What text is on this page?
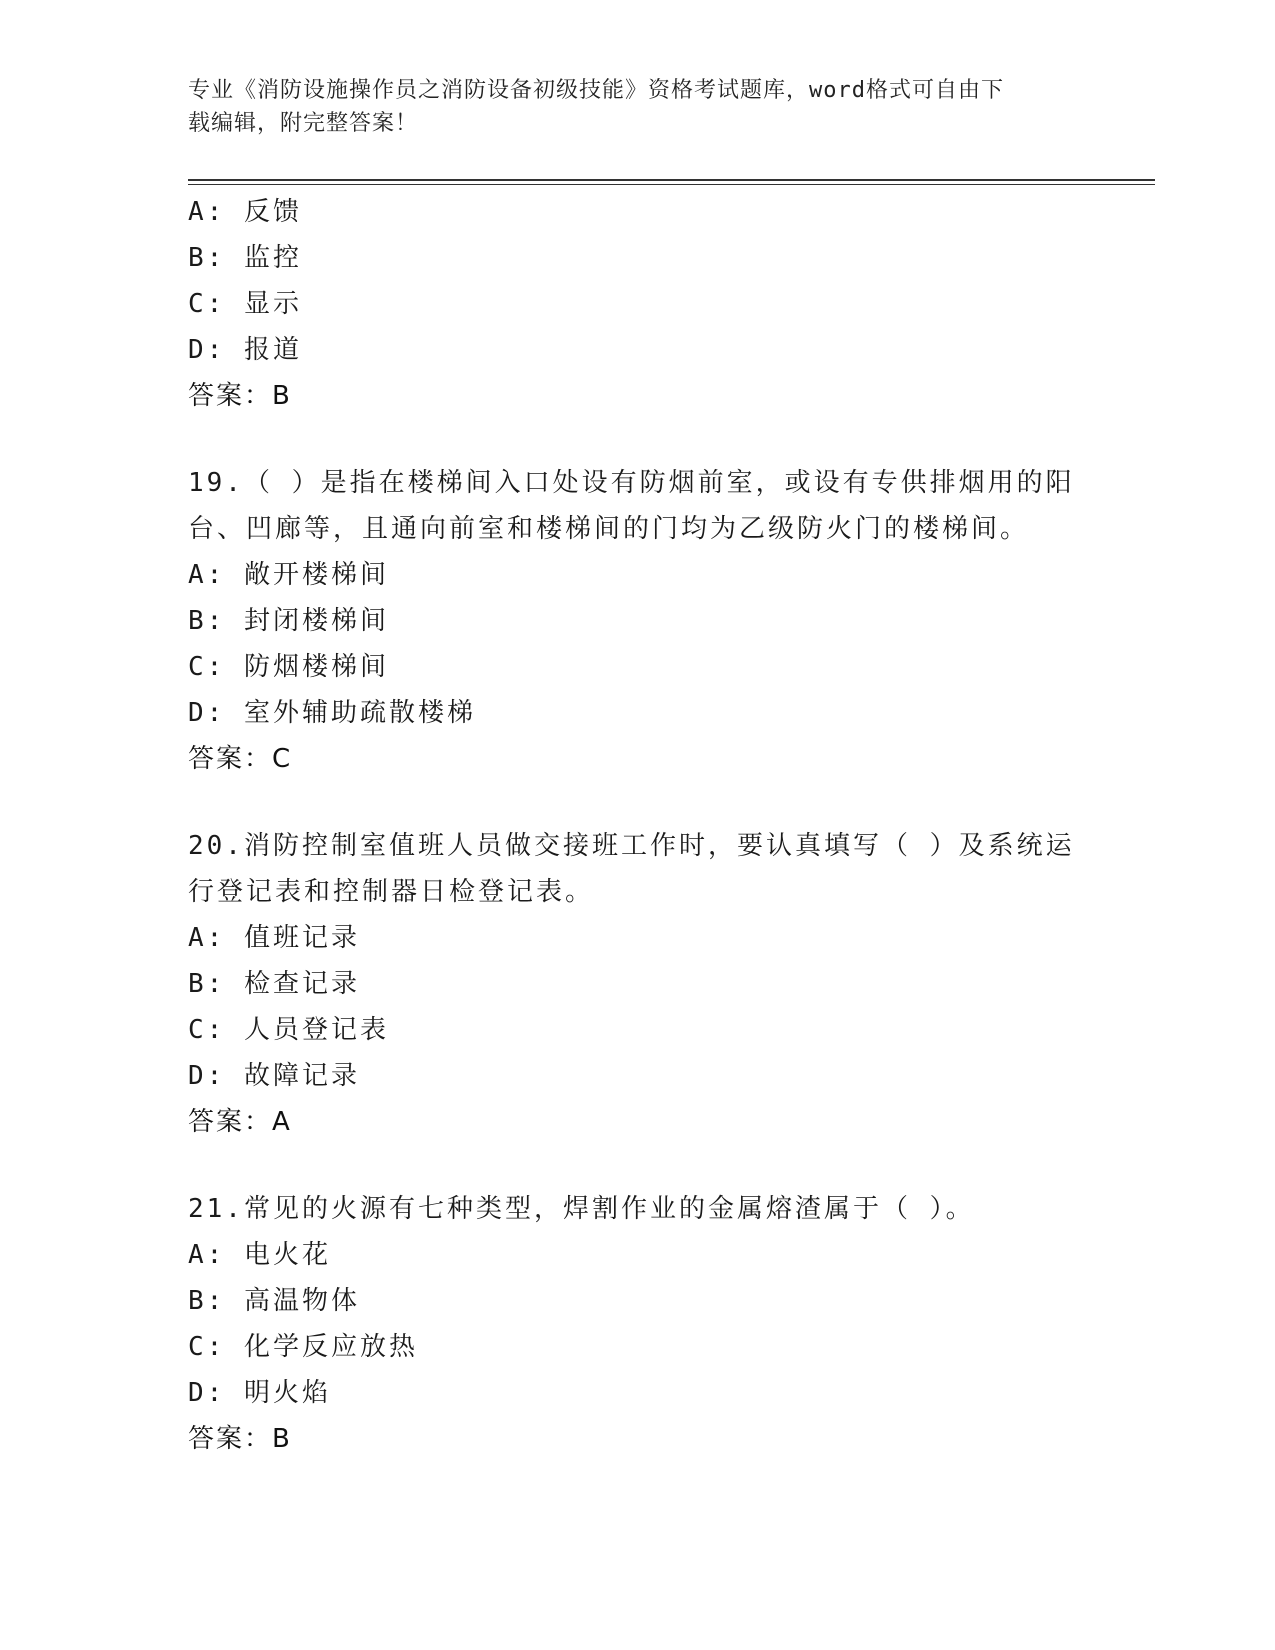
专业《消防设施操作员之消防设备初级技能》资格考试题库，word格式可自由下
载编辑，附完整答案！
A: 反馈
B: 监控
C: 显示
D: 报道
答案：B
19.（ ）是指在楼梯间入口处设有防烟前室，或设有专供排烟用的阳
台、凹廊等，且通向前室和楼梯间的门均为乙级防火门的楼梯间。
A: 敞开楼梯间
B: 封闭楼梯间
C: 防烟楼梯间
D: 室外辅助疏散楼梯
答案：C
20.消防控制室值班人员做交接班工作时，要认真填写（ ）及系统运
行登记表和控制器日检登记表。
A: 值班记录
B: 检查记录
C: 人员登记表
D: 故障记录
答案：A
21.常见的火源有七种类型，焊割作业的金属熔渣属于（ ）。
A: 电火花
B: 高温物体
C: 化学反应放热
D: 明火焰
答案：B
